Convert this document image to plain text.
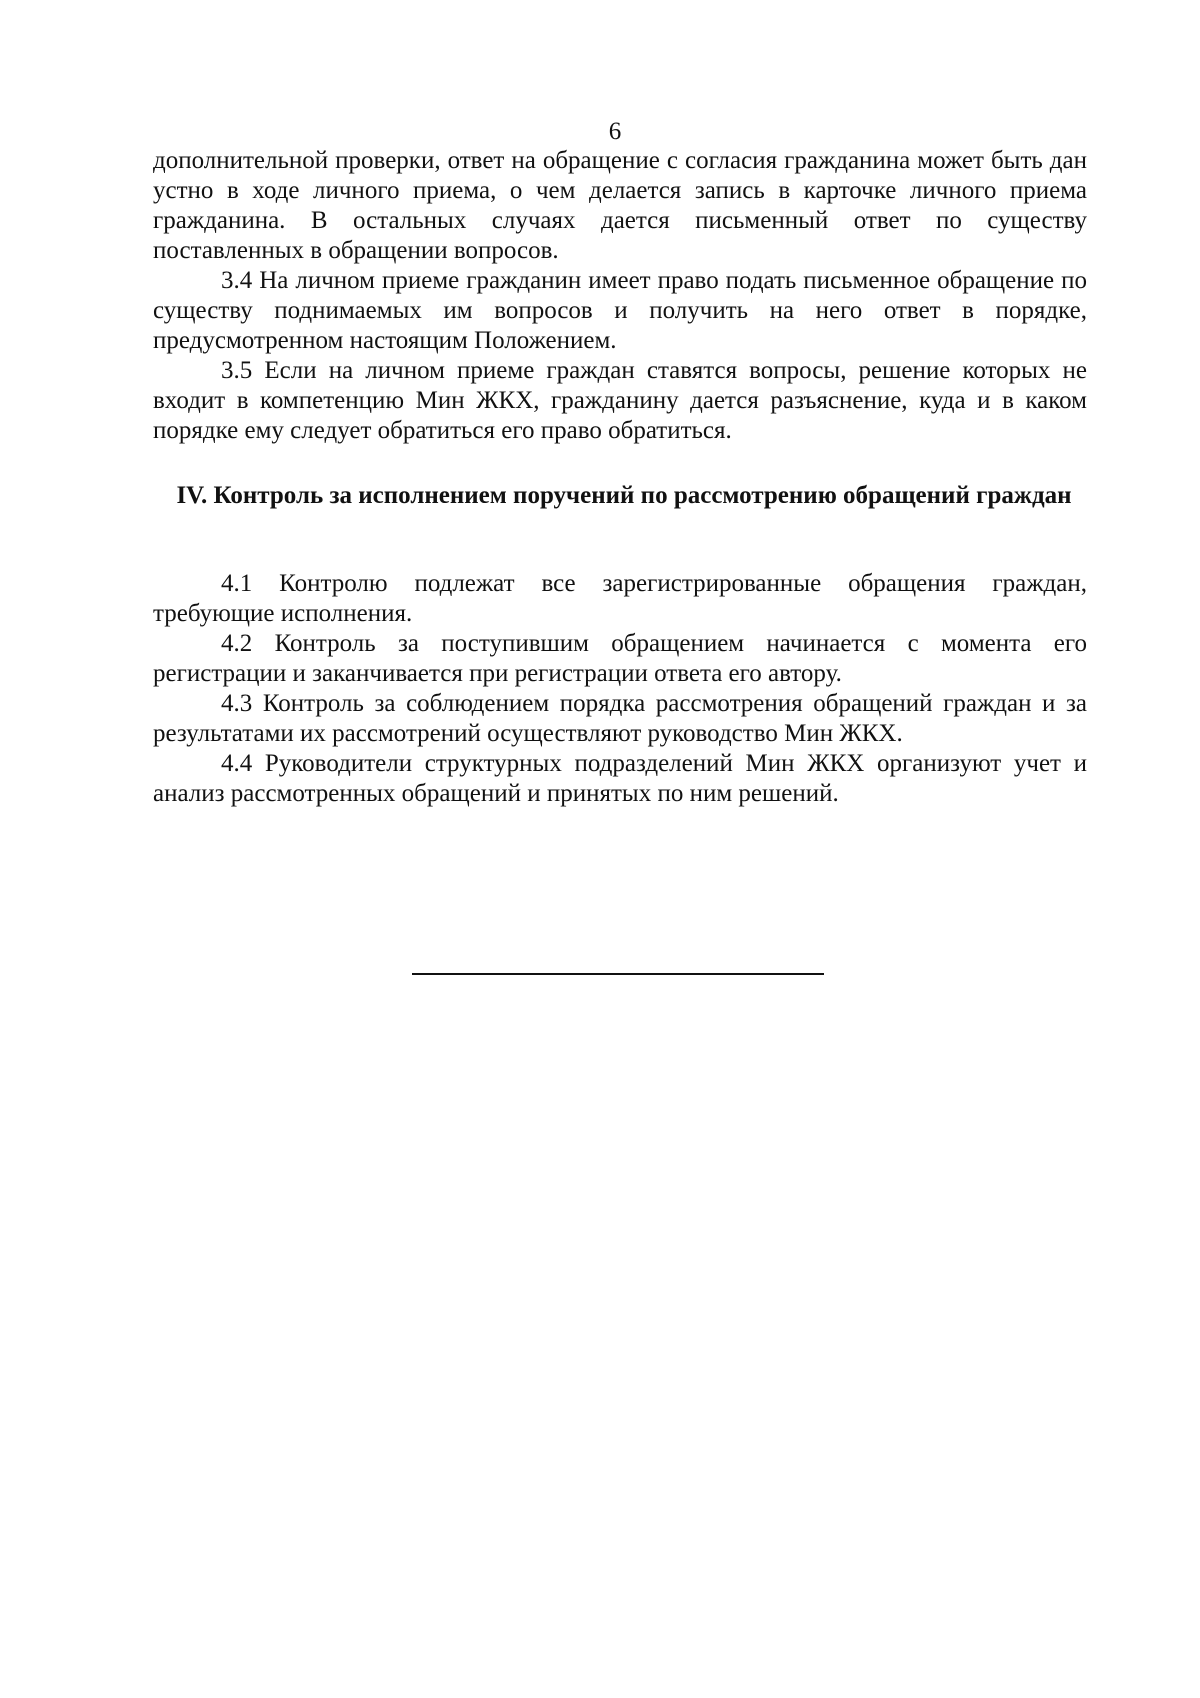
6

дополнительной проверки, ответ на обращение с согласия гражданина может быть дан устно в ходе личного приема, о чем делается запись в карточке личного приема гражданина. В остальных случаях дается письменный ответ по существу поставленных в обращении вопросов.

3.4 На личном приеме гражданин имеет право подать письменное обращение по существу поднимаемых им вопросов и получить на него ответ в порядке, предусмотренном настоящим Положением.

3.5 Если на личном приеме граждан ставятся вопросы, решение которых не входит в компетенцию Мин ЖКХ, гражданину дается разъяснение, куда и в каком порядке ему следует обратиться его право обратиться.

IV. Контроль за исполнением поручений по рассмотрению обращений граждан

4.1 Контролю подлежат все зарегистрированные обращения граждан, требующие исполнения.

4.2 Контроль за поступившим обращением начинается с момента его регистрации и заканчивается при регистрации ответа его автору.

4.3 Контроль за соблюдением порядка рассмотрения обращений граждан и за результатами их рассмотрений осуществляют руководство Мин ЖКХ.

4.4 Руководители структурных подразделений Мин ЖКХ организуют учет и анализ рассмотренных обращений и принятых по ним решений.
